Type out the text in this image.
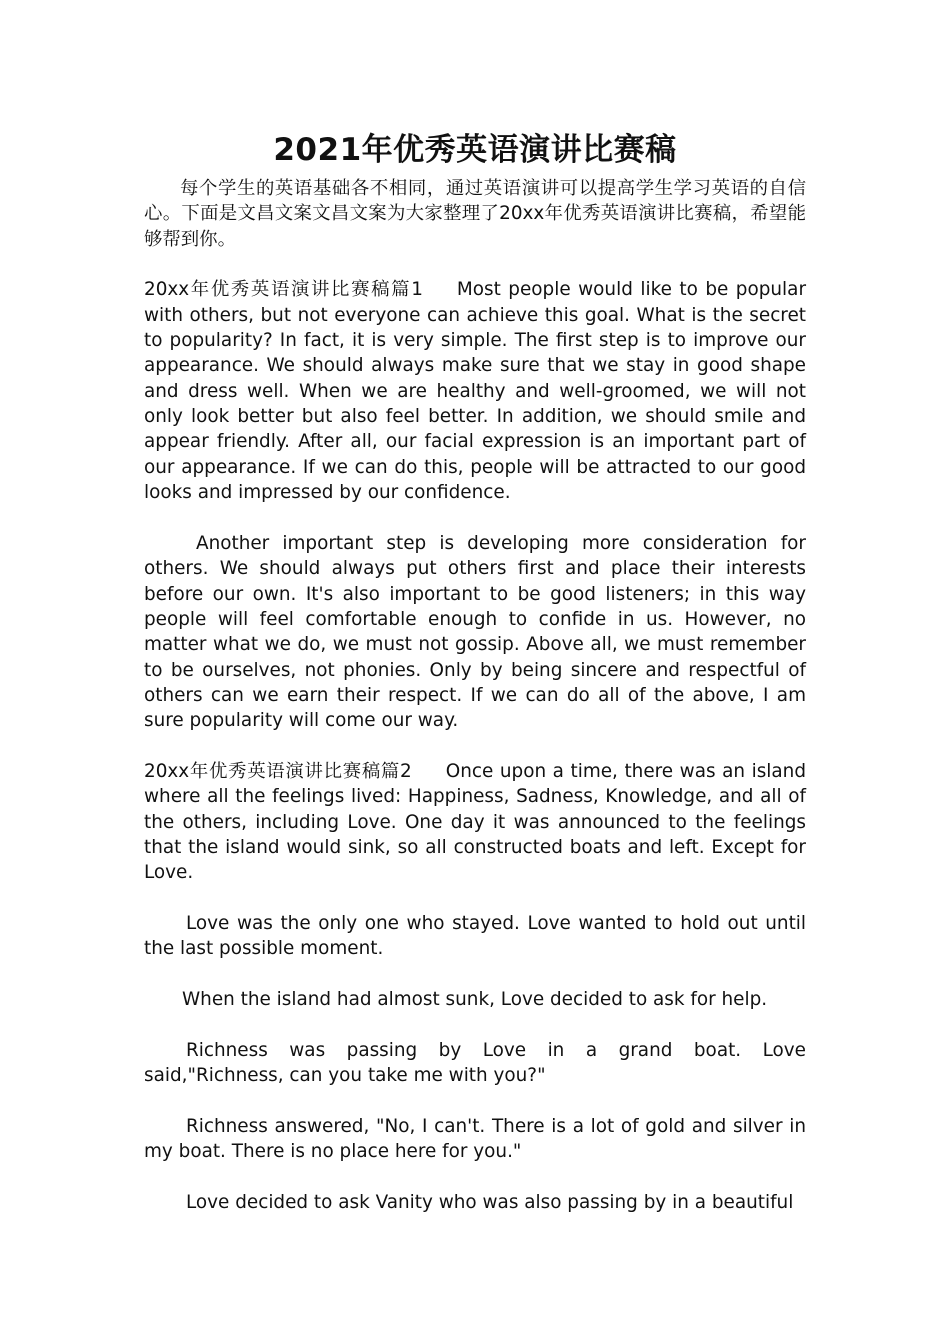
2021年优秀英语演讲比赛稿

每个学生的英语基础各不相同，通过英语演讲可以提高学生学习英语的自信心。下面是文昌文案文昌文案为大家整理了20xx年优秀英语演讲比赛稿，希望能够帮到你。

20xx年优秀英语演讲比赛稿篇1 Most people would like to be popular with others, but not everyone can achieve this goal. What is the secret to popularity? In fact, it is very simple. The first step is to improve our appearance. We should always make sure that we stay in good shape and dress well. When we are healthy and well-groomed, we will not only look better but also feel better. In addition, we should smile and appear friendly. After all, our facial expression is an important part of our appearance. If we can do this, people will be attracted to our good looks and impressed by our confidence.

Another important step is developing more consideration for others. We should always put others first and place their interests before our own. It's also important to be good listeners; in this way people will feel comfortable enough to confide in us. However, no matter what we do, we must not gossip. Above all, we must remember to be ourselves, not phonies. Only by being sincere and respectful of others can we earn their respect. If we can do all of the above, I am sure popularity will come our way.

20xx年优秀英语演讲比赛稿篇2 Once upon a time, there was an island where all the feelings lived: Happiness, Sadness, Knowledge, and all of the others, including Love. One day it was announced to the feelings that the island would sink, so all constructed boats and left. Except for Love.

Love was the only one who stayed. Love wanted to hold out until the last possible moment.

When the island had almost sunk, Love decided to ask for help.

Richness was passing by Love in a grand boat. Love said,"Richness, can you take me with you?"

Richness answered, "No, I can't. There is a lot of gold and silver in my boat. There is no place here for you."

Love decided to ask Vanity who was also passing by in a beautiful
